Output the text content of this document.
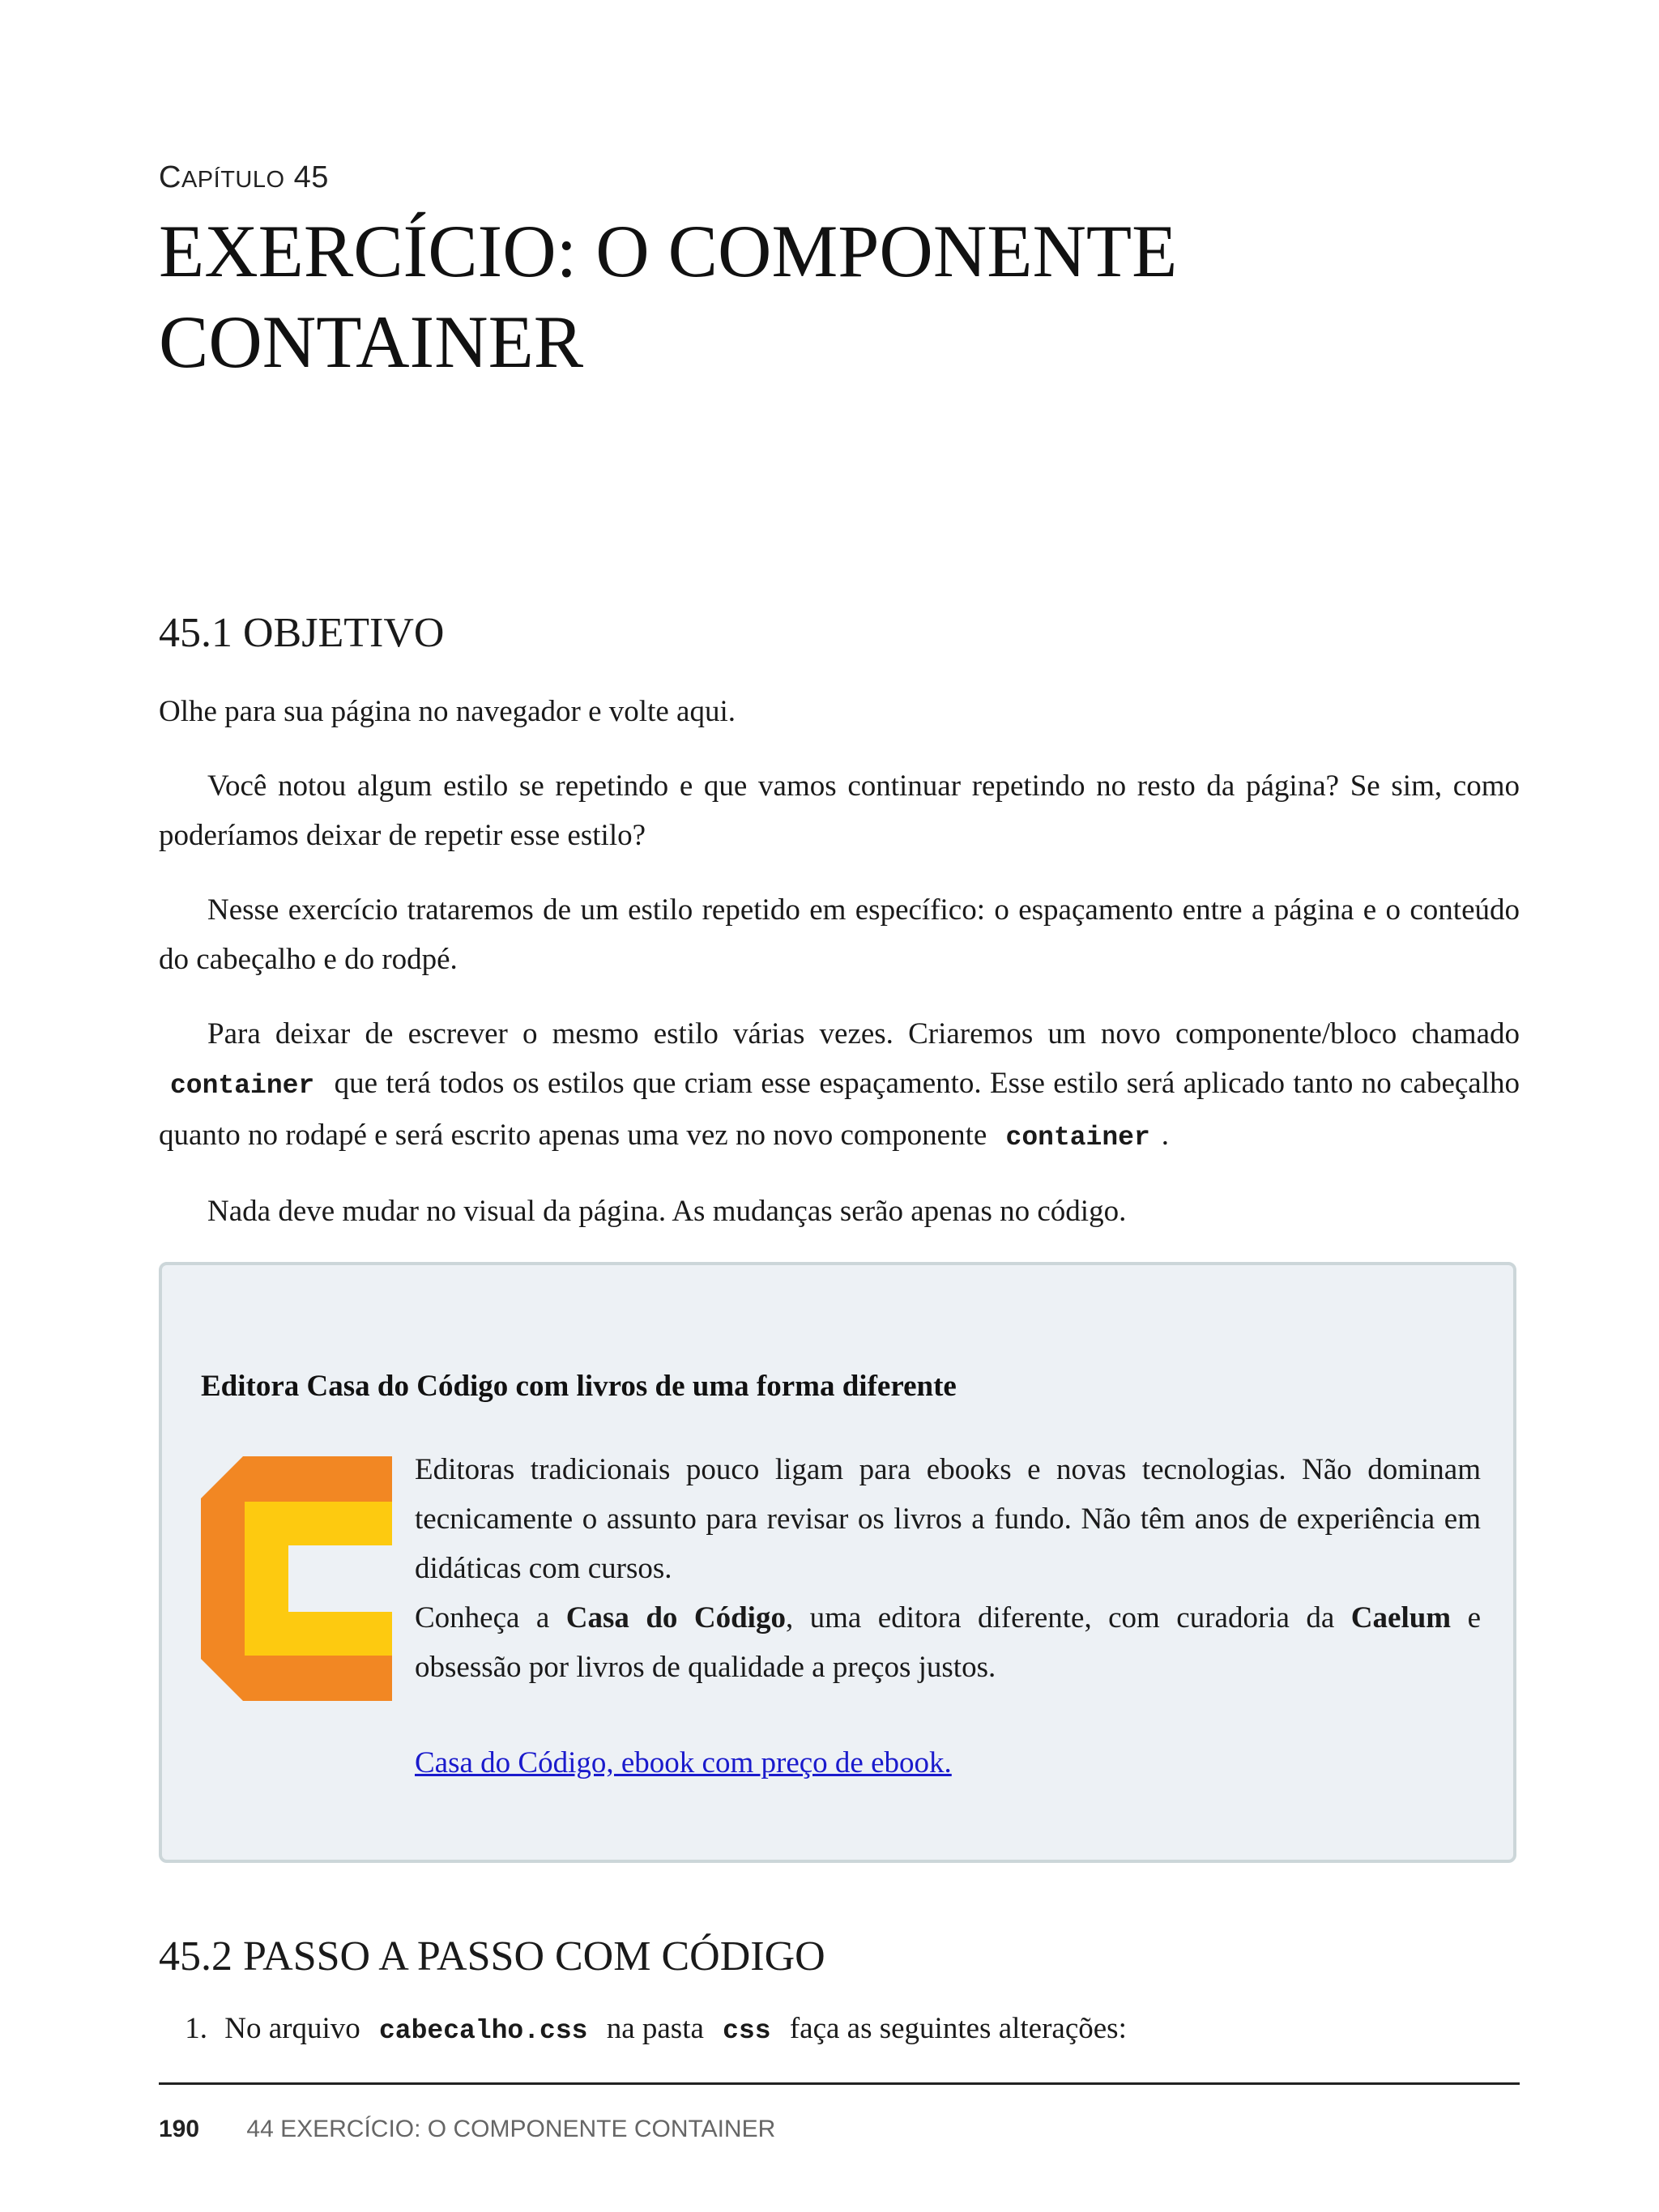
CAPÍTULO 45
EXERCÍCIO: O COMPONENTE CONTAINER
45.1 OBJETIVO

Olhe para sua página no navegador e volte aqui.

Você notou algum estilo se repetindo e que vamos continuar repetindo no resto da página? Se sim, como poderíamos deixar de repetir esse estilo?

Nesse exercício trataremos de um estilo repetido em específico: o espaçamento entre a página e o conteúdo do cabeçalho e do rodpé.

Para deixar de escrever o mesmo estilo várias vezes. Criaremos um novo componente/bloco chamado container que terá todos os estilos que criam esse espaçamento. Esse estilo será aplicado tanto no cabeçalho quanto no rodapé e será escrito apenas uma vez no novo componente container .

Nada deve mudar no visual da página. As mudanças serão apenas no código.

Editora Casa do Código com livros de uma forma diferente

Editoras tradicionais pouco ligam para ebooks e novas tecnologias. Não dominam tecnicamente o assunto para revisar os livros a fundo. Não têm anos de experiência em didáticas com cursos.
Conheça a Casa do Código, uma editora diferente, com curadoria da Caelum e obsessão por livros de qualidade a preços justos.

Casa do Código, ebook com preço de ebook.
45.2 PASSO A PASSO COM CÓDIGO
1. No arquivo cabecalho.css na pasta css faça as seguintes alterações:
190 44 EXERCÍCIO: O COMPONENTE CONTAINER
